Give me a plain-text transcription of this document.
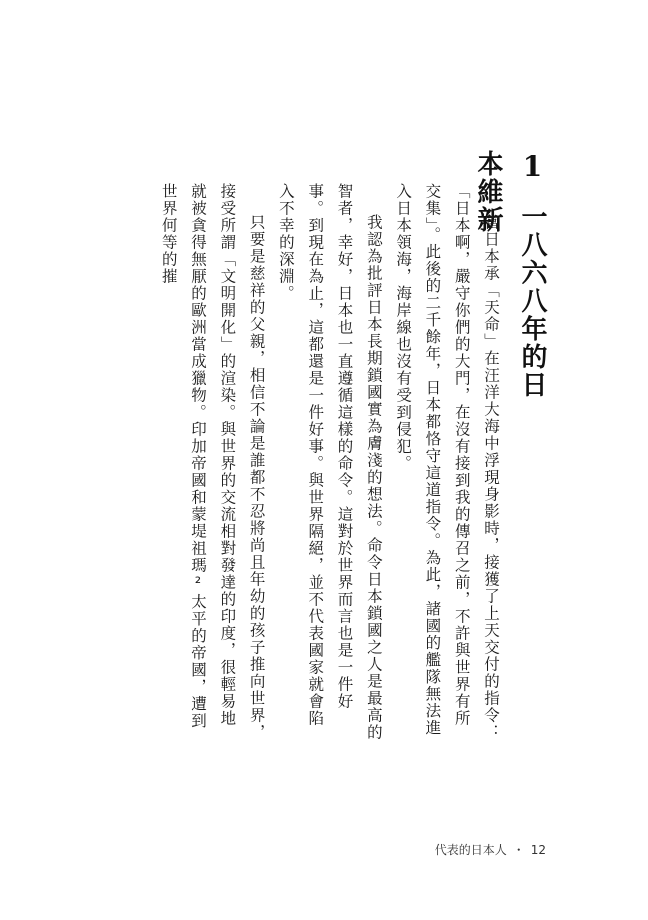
1一八六八年的日本維新

當日本承「天命」在汪洋大海中浮現身影時，接獲了上天交付的指令：「日本啊，嚴守你們的大門，在沒有接到我的傳召之前，不許與世界有所交集」。此後的二千餘年，日本都恪守這道指令。為此，諸國的艦隊無法進入日本領海，海岸線也沒有受到侵犯。

我認為批評日本長期鎖國實為膚淺的想法。命令日本鎖國之人是最高的智者，幸好，日本也一直遵循這樣的命令。這對於世界而言也是一件好事。到現在為止，這都還是一件好事。與世界隔絕，並不代表國家就會陷入不幸的深淵。

只要是慈祥的父親，相信不論是誰都不忍將尚且年幼的孩子推向世界，接受所謂「文明開化」的渲染。與世界的交流相對發達的印度，很輕易地就被貪得無厭的歐洲當成獵物。印加帝國和蒙堤祖瑪²太平的帝國，遭到世界何等的摧

代表的日本人 ・ 12
